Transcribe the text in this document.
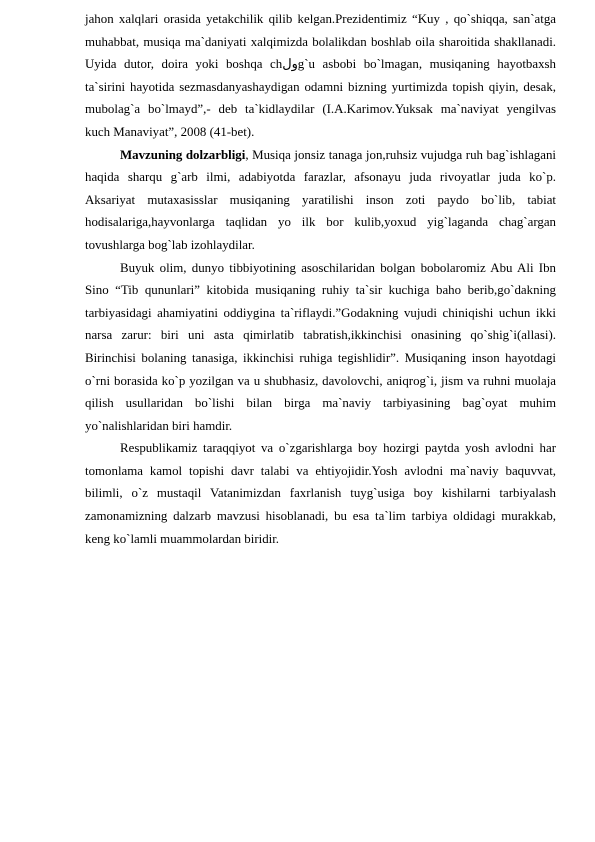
jahon xalqlari orasida yetakchilik qilib kelgan.Prezidentimiz “Kuy , qo`shiqqa, san`atga muhabbat, musiqa ma`daniyati xalqimizda bolalikdan boshlab oila sharoitida shakllanadi. Uyida dutor, doira yoki boshqa chولg`u asbobi bo`lmagan, musiqaning hayotbaxsh ta`sirini hayotida sezmasdanyashaydigan odamni bizning yurtimizda topish qiyin, desak, mubolag`a bo`lmayd”,- deb ta`kidlaydilar (I.A.Karimov.Yuksak ma`naviyat yengilvas kuch Manaviyat”, 2008 (41-bet).

Mavzuning dolzarbligi, Musiqa jonsiz tanaga jon,ruhsiz vujudga ruh bag`ishlagani haqida sharqu g`arb ilmi, adabiyotda farazlar, afsonayu juda rivoyatlar juda ko`p. Aksariyat mutaxasisslar musiqaning yaratilishi inson zoti paydo bo`lib, tabiat hodisalariga,hayvonlarga taqlidan yo ilk bor kulib,yoxud yig`laganda chag`argan tovushlarga bog`lab izohlaydilar.

Buyuk olim, dunyo tibbiyotining asoschilaridan bolgan bobolaromiz Abu Ali Ibn Sino “Tib qununlari” kitobida musiqaning ruhiy ta`sir kuchiga baho berib,go`dakning tarbiyasidagi ahamiyatini oddiygina ta`riflaydi.”Godakning vujudi chiniqishi uchun ikki narsa zarur: biri uni asta qimirlatib tabratish,ikkinchisi onasining qo`shig`i(allasi). Birinchisi bolaning tanasiga, ikkinchisi ruhiga tegishlidir”. Musiqaning inson hayotdagi o`rni borasida ko`p yozilgan va u shubhasiz, davolovchi, aniqrog`i, jism va ruhni muolaja qilish usullaridan bo`lishi bilan birga ma`naviy tarbiyasining bag`oyat muhim yo`nalishlaridan biri hamdir.

Respublikamiz taraqqiyot va o`zgarishlarga boy hozirgi paytda yosh avlodni har tomonlama kamol topishi davr talabi va ehtiyojidir.Yosh avlodni ma`naviy baquvvat, bilimli, o`z mustaqil Vatanimizdan faxrlanish tuyg`usiga boy kishilarni tarbiyalash zamonamizning dalzarb mavzusi hisoblanadi, bu esa ta`lim tarbiya oldidagi murakkab, keng ko`lamli muammolardan biridir.
